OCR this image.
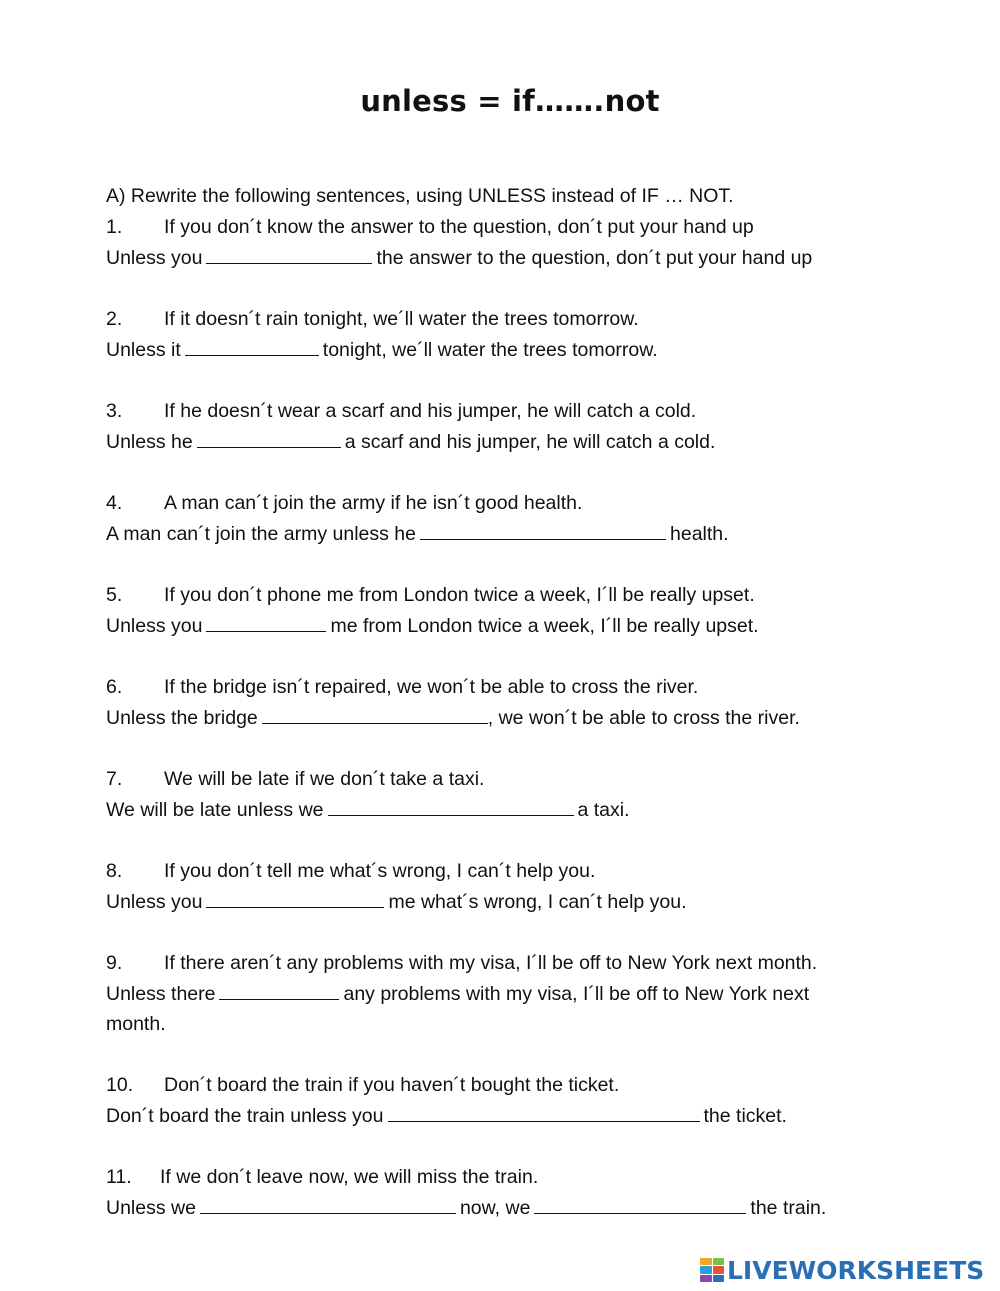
unless = if…….not

A) Rewrite the following sentences, using UNLESS instead of IF … NOT.

1. If you don´t know the answer to the question, don´t put your hand up
Unless you	the answer to the question, don´t put your hand up
2. If it doesn´t rain tonight, we´ll water the trees tomorrow.
Unless it	tonight, we´ll water the trees tomorrow.
3. If he doesn´t wear a scarf and his jumper, he will catch a cold.
Unless he	a scarf and his jumper, he will catch a cold.
4. A man can´t join the army if he isn´t good health.
A man can´t join the army unless he	health.
5. If you don´t phone me from London twice a week, I´ll be really upset.
Unless you	me from London twice a week, I´ll be really upset.
6. If the bridge isn´t repaired, we won´t be able to cross the river.
Unless the bridge	, we won´t be able to cross the river.
7. We will be late if we don´t take a taxi.
We will be late unless we	a taxi.
8. If you don´t tell me what´s wrong, I can´t help you.
Unless you	me what´s wrong, I can´t help you.
9. If there aren´t any problems with my visa, I´ll be off to New York next month.
Unless there	any problems with my visa, I´ll be off to New York next
month.
10. Don´t board the train if you haven´t bought the ticket.
Don´t board the train unless you	the ticket.
11. If we don´t leave now, we will miss the train.
Unless we	now, we	the train.
LIVEWORKSHEETS
